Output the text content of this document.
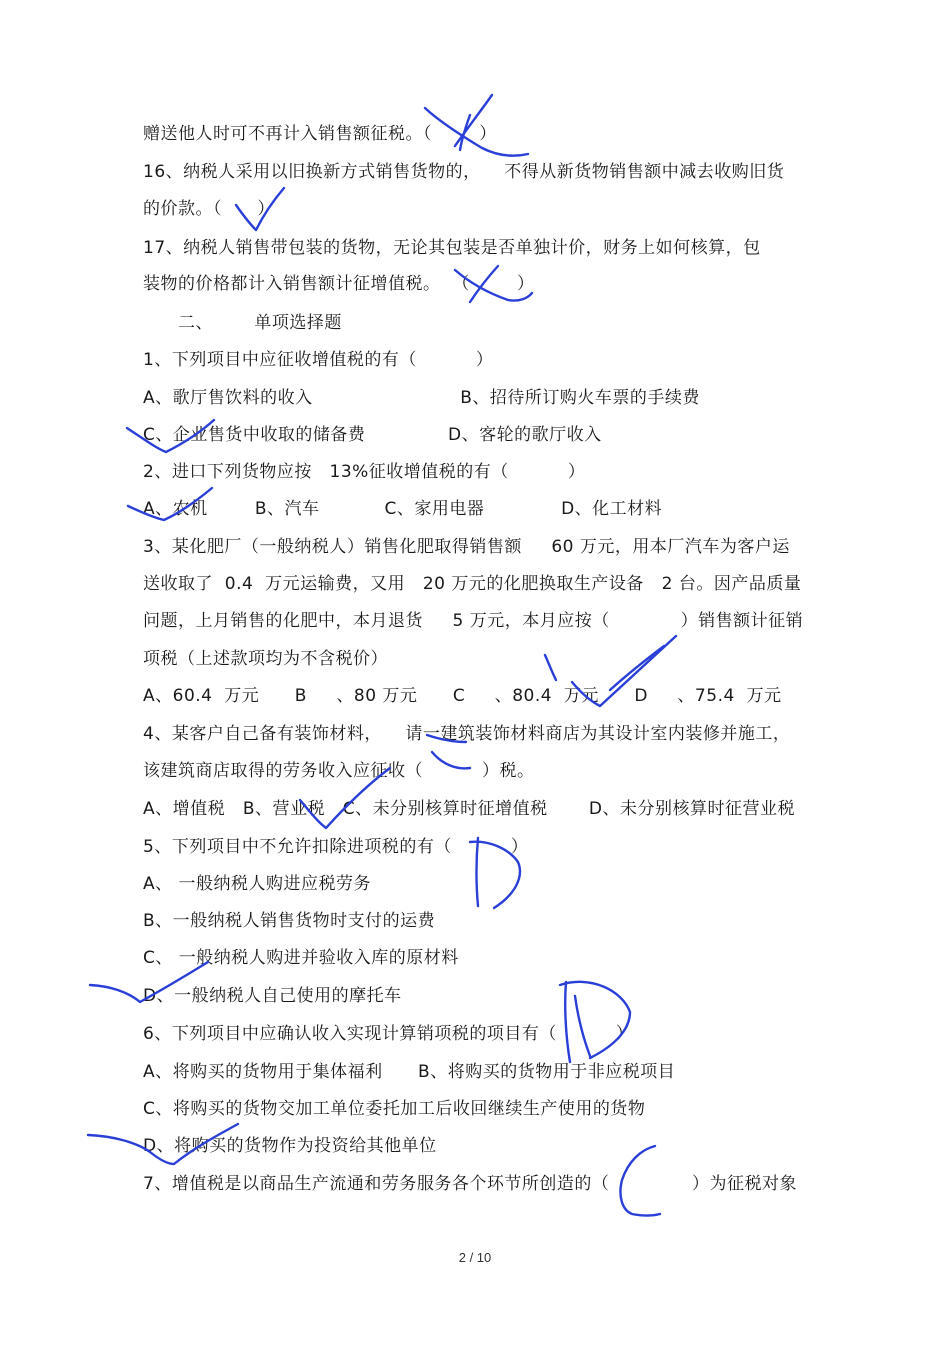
赠送他人时可不再计入销售额征税。（        ）
16、纳税人采用以旧换新方式销售货物的，    不得从新货物销售额中减去收购旧货
的价款。（      ）
17、纳税人销售带包装的货物，无论其包装是否单独计价，财务上如何核算，包
装物的价格都计入销售额计征增值税。  （        ）
二、       单项选择题
1、下列项目中应征收增值税的有（          ）
A、歌厅售饮料的收入                         B、招待所订购火车票的手续费
C、企业售货中收取的储备费              D、客轮的歌厅收入
2、进口下列货物应按   13%征收增值税的有（          ）
A、农机        B、汽车           C、家用电器             D、化工材料
3、某化肥厂（一般纳税人）销售化肥取得销售额     60 万元，用本厂汽车为客户运
送收取了  0.4  万元运输费，又用   20 万元的化肥换取生产设备   2 台。因产品质量
问题，上月销售的化肥中，本月退货     5 万元，本月应按（            ）销售额计征销
项税（上述款项均为不含税价）
A、60.4  万元      B     、80 万元      C     、80.4  万元      D     、75.4  万元
4、某客户自己备有装饰材料，    请一建筑装饰材料商店为其设计室内装修并施工，
该建筑商店取得的劳务收入应征收（          ）税。
A、增值税   B、营业税   C、未分别核算时征增值税       D、未分别核算时征营业税
5、下列项目中不允许扣除进项税的有（          ）
A、 一般纳税人购进应税劳务
B、一般纳税人销售货物时支付的运费
C、 一般纳税人购进并验收入库的原材料
D、一般纳税人自己使用的摩托车
6、下列项目中应确认收入实现计算销项税的项目有（          ）
A、将购买的货物用于集体福利      B、将购买的货物用于非应税项目
C、将购买的货物交加工单位委托加工后收回继续生产使用的货物
D、将购买的货物作为投资给其他单位
7、增值税是以商品生产流通和劳务服务各个环节所创造的（              ）为征税对象
2 / 10
